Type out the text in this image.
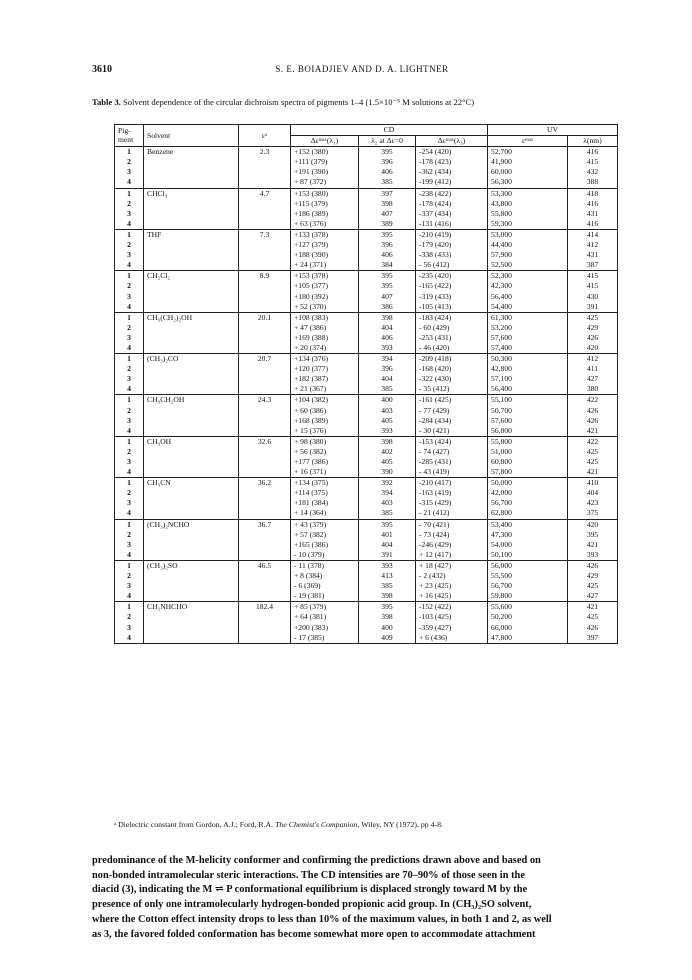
3610	S. E. BOIADJIEV AND D. A. LIGHTNER
Table 3. Solvent dependence of the circular dichroism spectra of pigments 1–4 (1.5×10⁻⁵ M solutions at 22°C)
Pig-ment	Solvent	εᵃ	CD			UV	
			Δεᵐᵃˣ(λ₁)	λ₂ at Δε=0	Δεᵐᵃˣ(λ₃)	εᵐᵃˣ	λ(nm)
1	Benzene	2.3	+152 (380)	395	-254 (420)	52,700	416
2			+111 (379)	396	-178 (423)	41,900	415
3			+191 (390)	406	-362 (434)	60,000	432
4			+ 87 (372)	385	-199 (412)	56,300	388
1	CHCl₃	4.7	+153 (380)	397	-238 (422)	53,300	418
2			+115 (379)	398	-178 (424)	43,800	416
3			+186 (389)	407	-337 (434)	55,800	431
4			+ 63 (376)	389	-131 (416)	59,300	416
1	THF	7.3	+133 (378)	395	-210 (419)	53,000	414
2			+127 (379)	396	-179 (420)	44,400	412
3			+188 (390)	406	-338 (433)	57,900	431
4			+ 24 (371)	384	- 56 (412)	52,500	387
1	CH₂Cl₂	8.9	+153 (378)	395	-235 (420)	52,300	415
2			+105 (377)	395	-165 (422)	42,300	415
3			+180 (392)	407	-319 (433)	56,400	430
4			+ 52 (370)	386	-105 (413)	54,400	391
1	CH₃(CH₂)₂OH	20.1	+108 (383)	398	-183 (424)	61,300	425
2			+ 47 (386)	404	- 60 (429)	53,200	429
3			+169 (388)	406	-253 (431)	57,600	426
4			+ 20 (374)	393	- 46 (420)	57,400	420
1	(CH₃)₂CO	20.7	+134 (376)	394	-209 (418)	50,300	412
2			+120 (377)	396	-168 (420)	42,800	411
3			+182 (387)	404	-322 (430)	57,100	427
4			+ 21 (367)	385	- 35 (412)	56,400	380
1	CH₃CH₂OH	24.3	+104 (382)	400	-161 (425)	55,100	422
2			+ 60 (386)	403	- 77 (429)	50,700	426
3			+168 (389)	405	-284 (434)	57,600	426
4			+ 15 (376)	393	- 30 (421)	56,800	421
1	CH₃OH	32.6	+ 98 (380)	398	-153 (424)	55,800	422
2			+ 56 (382)	402	- 74 (427)	51,000	425
3			+177 (386)	405	-285 (431)	60,800	425
4			+ 16 (371)	390	- 43 (419)	57,800	421
1	CH₃CN	36.2	+134 (375)	392	-210 (417)	50,000	410
2			+114 (375)	394	-163 (419)	42,000	404
3			+181 (384)	403	-315 (429)	56,700	423
4			+ 14 (364)	385	- 21 (412)	62,800	375
1	(CH₃)₂NCHO	36.7	+ 43 (379)	395	- 70 (421)	53,400	420
2			+ 57 (382)	401	- 73 (424)	47,300	395
3			+165 (386)	404	-246 (429)	54,000	421
4			- 10 (379)	391	+ 12 (417)	50,100	393
1	(CH₃)₂SO	46.5	- 11 (378)	393	+ 18 (427)	56,000	426
2			+ 8 (384)	413	- 2 (432)	55,500	429
3			- 6 (369)	385	+ 23 (425)	56,700	425
4			- 19 (381)	398	+ 16 (425)	59,800	427
1	CH₃NHCHO	182.4	+ 85 (379)	395	-152 (422)	55,600	421
2			+ 64 (381)	398	-103 (425)	50,200	425
3			+200 (383)	400	-359 (427)	66,000	426
4			- 17 (385)	409	+ 6 (436)	47,800	397
ᵃ Dielectric constant from Gordon, A.J.; Ford, R.A. The Chemist's Companion, Wiley, NY (1972), pp 4-8.

predominance of the M-helicity conformer and confirming the predictions drawn above and based on
non-bonded intramolecular steric interactions. The CD intensities are 70–90% of those seen in the
diacid (3), indicating the M ⇌ P conformational equilibrium is displaced strongly toward M by the
presence of only one intramolecularly hydrogen-bonded propionic acid group. In (CH₃)₂SO solvent,
where the Cotton effect intensity drops to less than 10% of the maximum values, in both 1 and 2, as well
as 3, the favored folded conformation has become somewhat more open to accommodate attachment
